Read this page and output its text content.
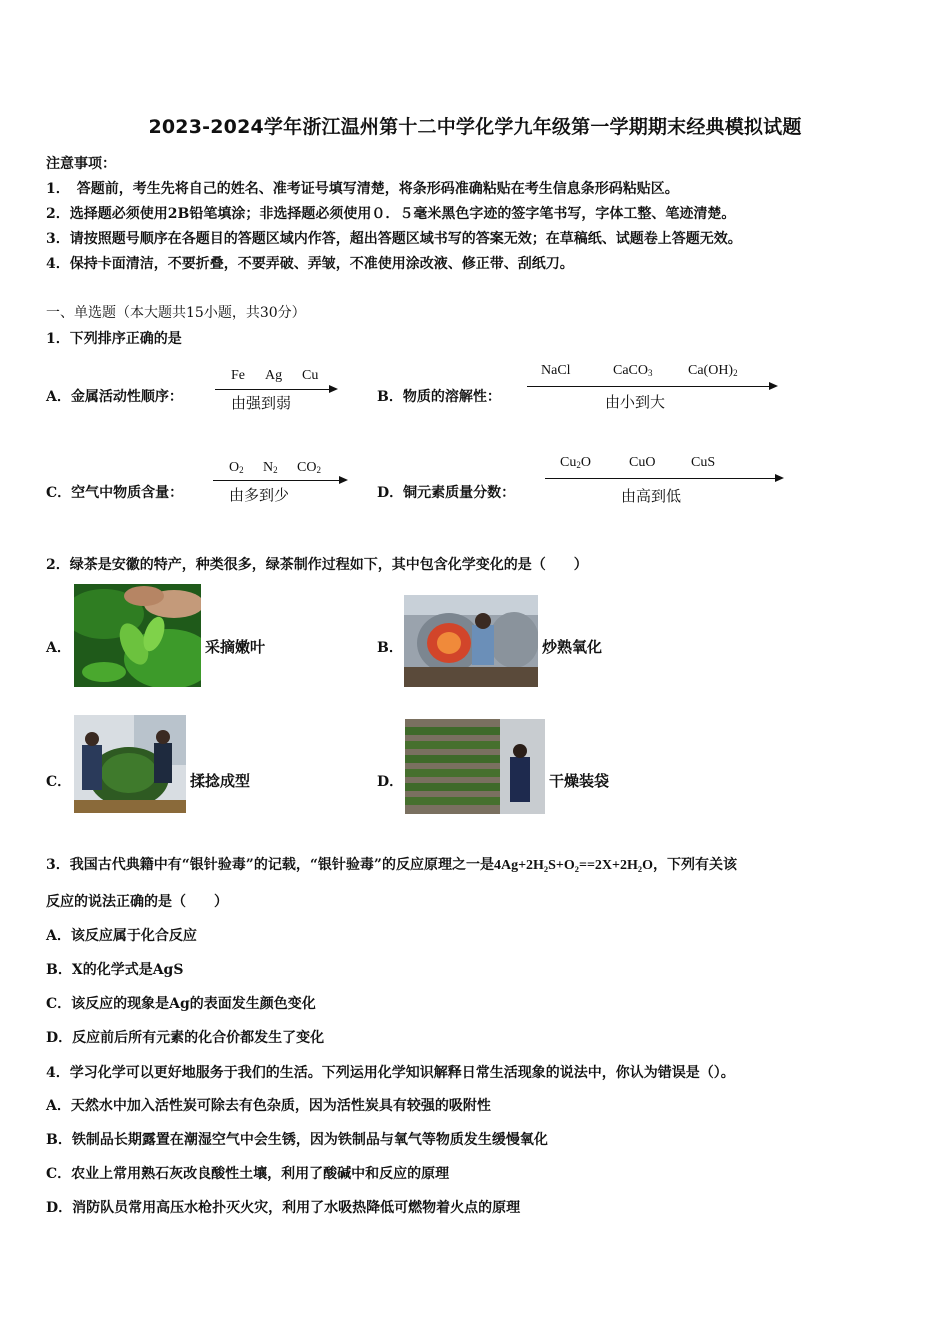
2023-2024学年浙江温州第十二中学化学九年级第一学期期末经典模拟试题
注意事项：
1．　答题前，考生先将自己的姓名、准考证号填写清楚，将条形码准确粘贴在考生信息条形码粘贴区。
2．选择题必须使用2B铅笔填涂；非选择题必须使用０．５毫米黑色字迹的签字笔书写，字体工整、笔迹清楚。
3．请按照题号顺序在各题目的答题区域内作答，超出答题区域书写的答案无效；在草稿纸、试题卷上答题无效。
4．保持卡面清洁，不要折叠，不要弄破、弄皱，不准使用涂改液、修正带、刮纸刀。
一、单选题（本大题共15小题，共30分）
1．下列排序正确的是
A．金属活动性顺序：
Fe Ag Cu
由强到弱	B．物质的溶解性：
NaCl	CaCO$_3$	$Ca(OH)_2$
由小到大
C．空气中物质含量：
$O_2$ $N_2$ $CO_2$
由多到少	D．铜元素质量分数：
$Cu_2O$	CuO	CuS
由高到低
2．绿茶是安徽的特产，种类很多，绿茶制作过程如下，其中包含化学变化的是（　　）
A．	采摘嫩叶	B．	炒熟氧化
C．	揉捻成型	D．	干燥装袋
3．我国古代典籍中有“银针验毒”的记载，“银针验毒”的反应原理之一是4Ag+2H₂S+O₂==2X+2H₂O，下列有关该
反应的说法正确的是（　　）
A．该反应属于化合反应
B．X的化学式是AgS
C．该反应的现象是Ag的表面发生颜色变化
D．反应前后所有元素的化合价都发生了变化
4．学习化学可以更好地服务于我们的生活。下列运用化学知识解释日常生活现象的说法中，你认为错误是（）。
A．天然水中加入活性炭可除去有色杂质，因为活性炭具有较强的吸附性
B．铁制品长期露置在潮湿空气中会生锈，因为铁制品与氧气等物质发生缓慢氧化
C．农业上常用熟石灰改良酸性土壤，利用了酸碱中和反应的原理
D．消防队员常用高压水枪扑灭火灾，利用了水吸热降低可燃物着火点的原理
